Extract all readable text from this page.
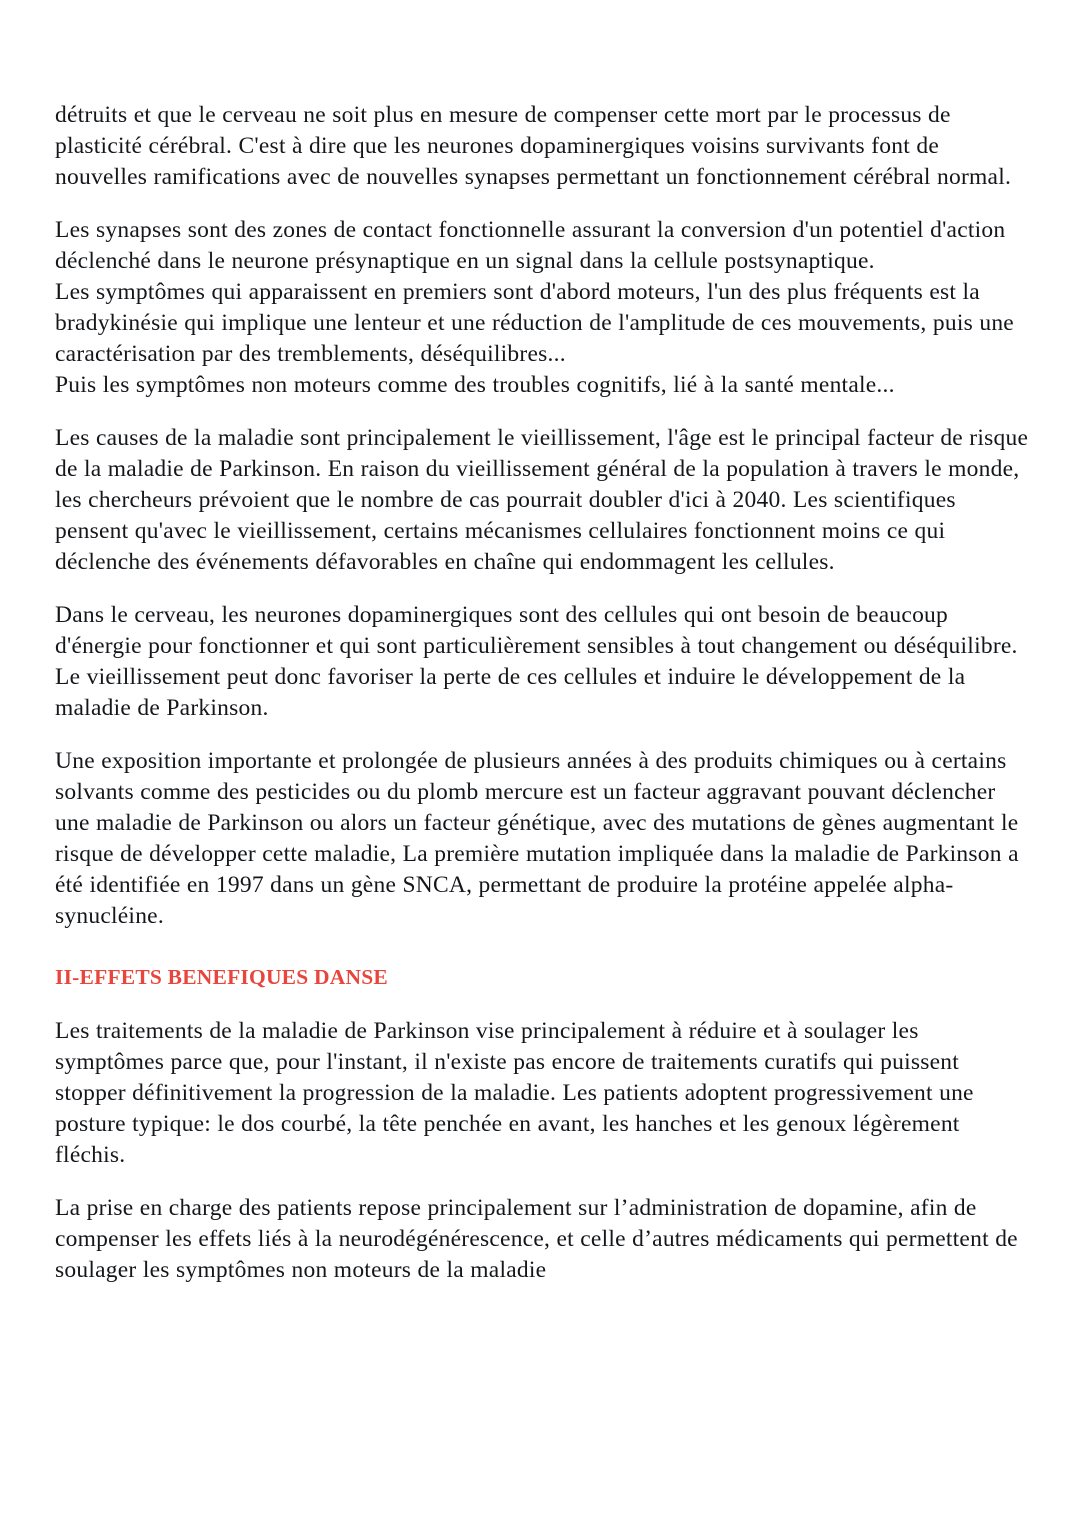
détruits et que le cerveau ne soit plus en mesure de compenser cette mort par le processus de plasticité cérébral. C'est à dire que les neurones dopaminergiques voisins survivants font de nouvelles ramifications avec de nouvelles synapses permettant un fonctionnement cérébral normal.

Les synapses sont des zones de contact fonctionnelle assurant la conversion d'un potentiel d'action déclenché dans le neurone présynaptique en un signal dans la cellule postsynaptique.
Les symptômes qui apparaissent en premiers sont d'abord moteurs, l'un des plus fréquents est la bradykinésie qui implique une lenteur et une réduction de l'amplitude de ces mouvements, puis une caractérisation par des tremblements, déséquilibres...
Puis les symptômes non moteurs comme des troubles cognitifs, lié à la santé mentale...

Les causes de la maladie sont principalement le vieillissement, l'âge est le principal facteur de risque de la maladie de Parkinson. En raison du vieillissement général de la population à travers le monde, les chercheurs prévoient que le nombre de cas pourrait doubler d'ici à 2040. Les scientifiques pensent qu'avec le vieillissement, certains mécanismes cellulaires fonctionnent moins ce qui déclenche des événements défavorables en chaîne qui endommagent les cellules.

Dans le cerveau, les neurones dopaminergiques sont des cellules qui ont besoin de beaucoup d'énergie pour fonctionner et qui sont particulièrement sensibles à tout changement ou déséquilibre. Le vieillissement peut donc favoriser la perte de ces cellules et induire le développement de la maladie de Parkinson.

Une exposition importante et prolongée de plusieurs années à des produits chimiques ou à certains solvants comme des pesticides ou du plomb mercure est un facteur aggravant pouvant déclencher une maladie de Parkinson ou alors un facteur génétique, avec des mutations de gènes augmentant le risque de développer cette maladie, La première mutation impliquée dans la maladie de Parkinson a été identifiée en 1997 dans un gène SNCA, permettant de produire la protéine appelée alpha-synucléine.

II-EFFETS BENEFIQUES DANSE

Les traitements de la maladie de Parkinson vise principalement à réduire et à soulager les symptômes parce que, pour l'instant, il n'existe pas encore de traitements curatifs qui puissent stopper définitivement la progression de la maladie. Les patients adoptent progressivement une posture typique: le dos courbé, la tête penchée en avant, les hanches et les genoux légèrement fléchis.

La prise en charge des patients repose principalement sur l’administration de dopamine, afin de compenser les effets liés à la neurodégénérescence, et celle d’autres médicaments qui permettent de soulager les symptômes non moteurs de la maladie
